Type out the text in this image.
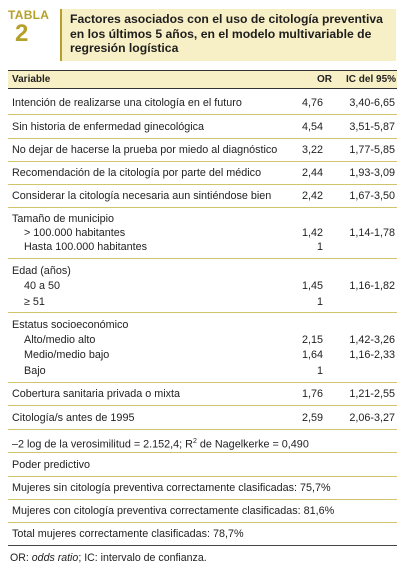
TABLA
2
Factores asociados con el uso de citología preventiva en los últimos 5 años, en el modelo multivariable de regresión logística
Variable	OR IC del 95%
Intención de realizarse una citología en el futuro	4,76 3,40-6,65
Sin historia de enfermedad ginecológica	4,54 3,51-5,87
No dejar de hacerse la prueba por miedo al diagnóstico 3,22 1,77-5,85
Recomendación de la citología por parte del médico	2,44 1,93-3,09
Considerar la citología necesaria aun sintiéndose bien	2,42 1,67-3,50
Tamaño de municipio
> 100.000 habitantes	1,42 1,14-1,78
Hasta 100.000 habitantes	1
Edad (años)
40 a 50	1,45 1,16-1,82
≥ 51	1
Estatus socioeconómico
Alto/medio alto	2,15 1,42-3,26
Medio/medio bajo	1,64 1,16-2,33
Bajo	1
Cobertura sanitaria privada o mixta	1,76 1,21-2,55
Citología/s antes de 1995	2,59 2,06-3,27
–2 log de la verosimilitud = 2.152,4; $R^2$ de Nagelkerke = 0,490
Poder predictivo
Mujeres sin citología preventiva correctamente clasificadas: 75,7%
Mujeres con citología preventiva correctamente clasificadas: 81,6%
Total mujeres correctamente clasificadas: 78,7%
OR: odds ratio; IC: intervalo de confianza.
